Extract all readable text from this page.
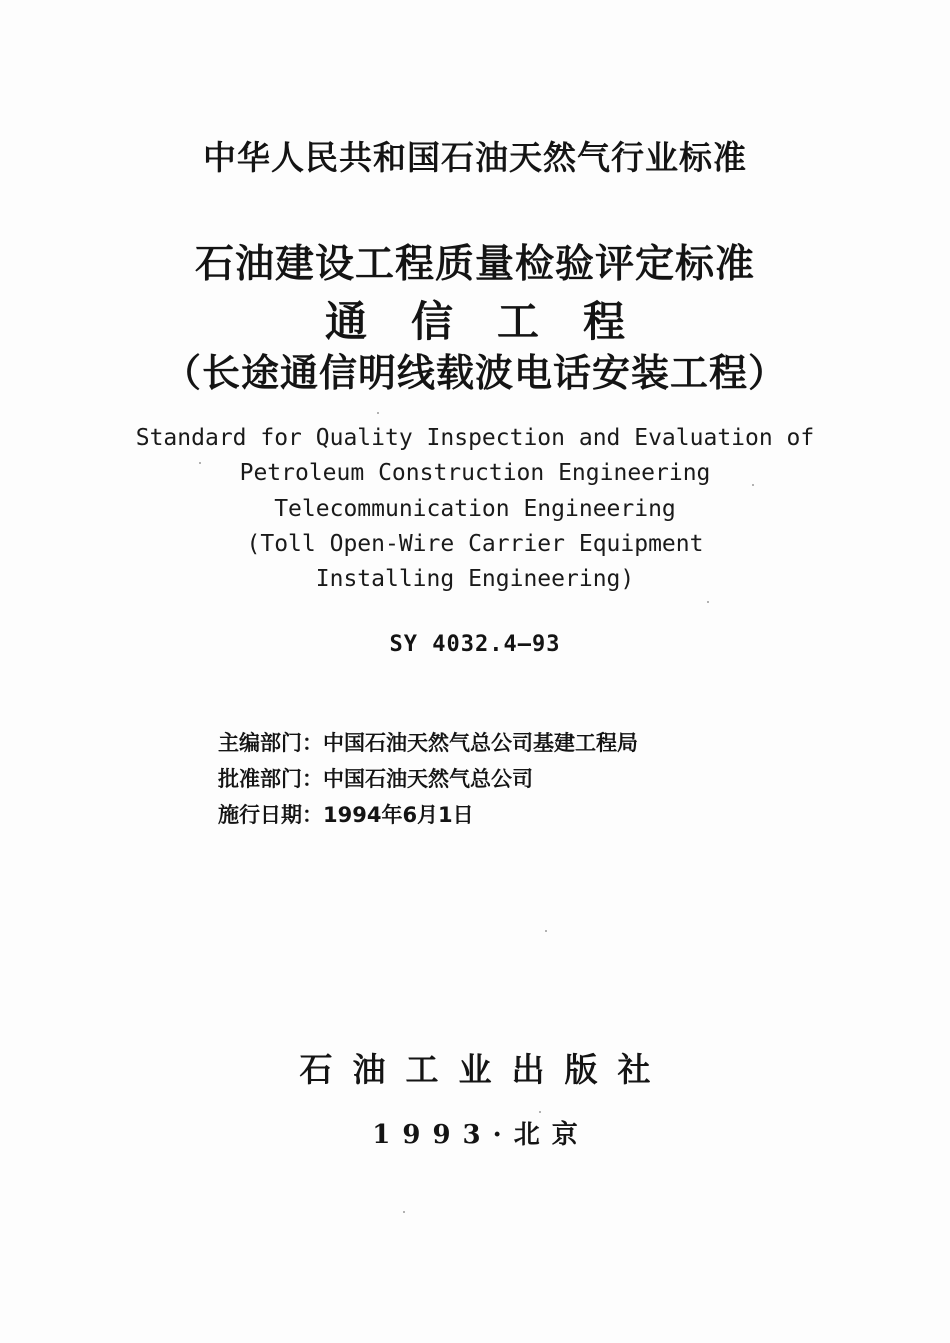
中华人民共和国石油天然气行业标准
石油建设工程质量检验评定标准
通信工程
（长途通信明线载波电话安装工程）
Standard for Quality Inspection and Evaluation of
Petroleum Construction Engineering
Telecommunication Engineering
(Toll Open-Wire Carrier Equipment
Installing Engineering)
SY 4032.4—93
主编部门：中国石油天然气总公司基建工程局
批准部门：中国石油天然气总公司
施行日期：1994年6月1日
石油工业出版社
1993·北京
